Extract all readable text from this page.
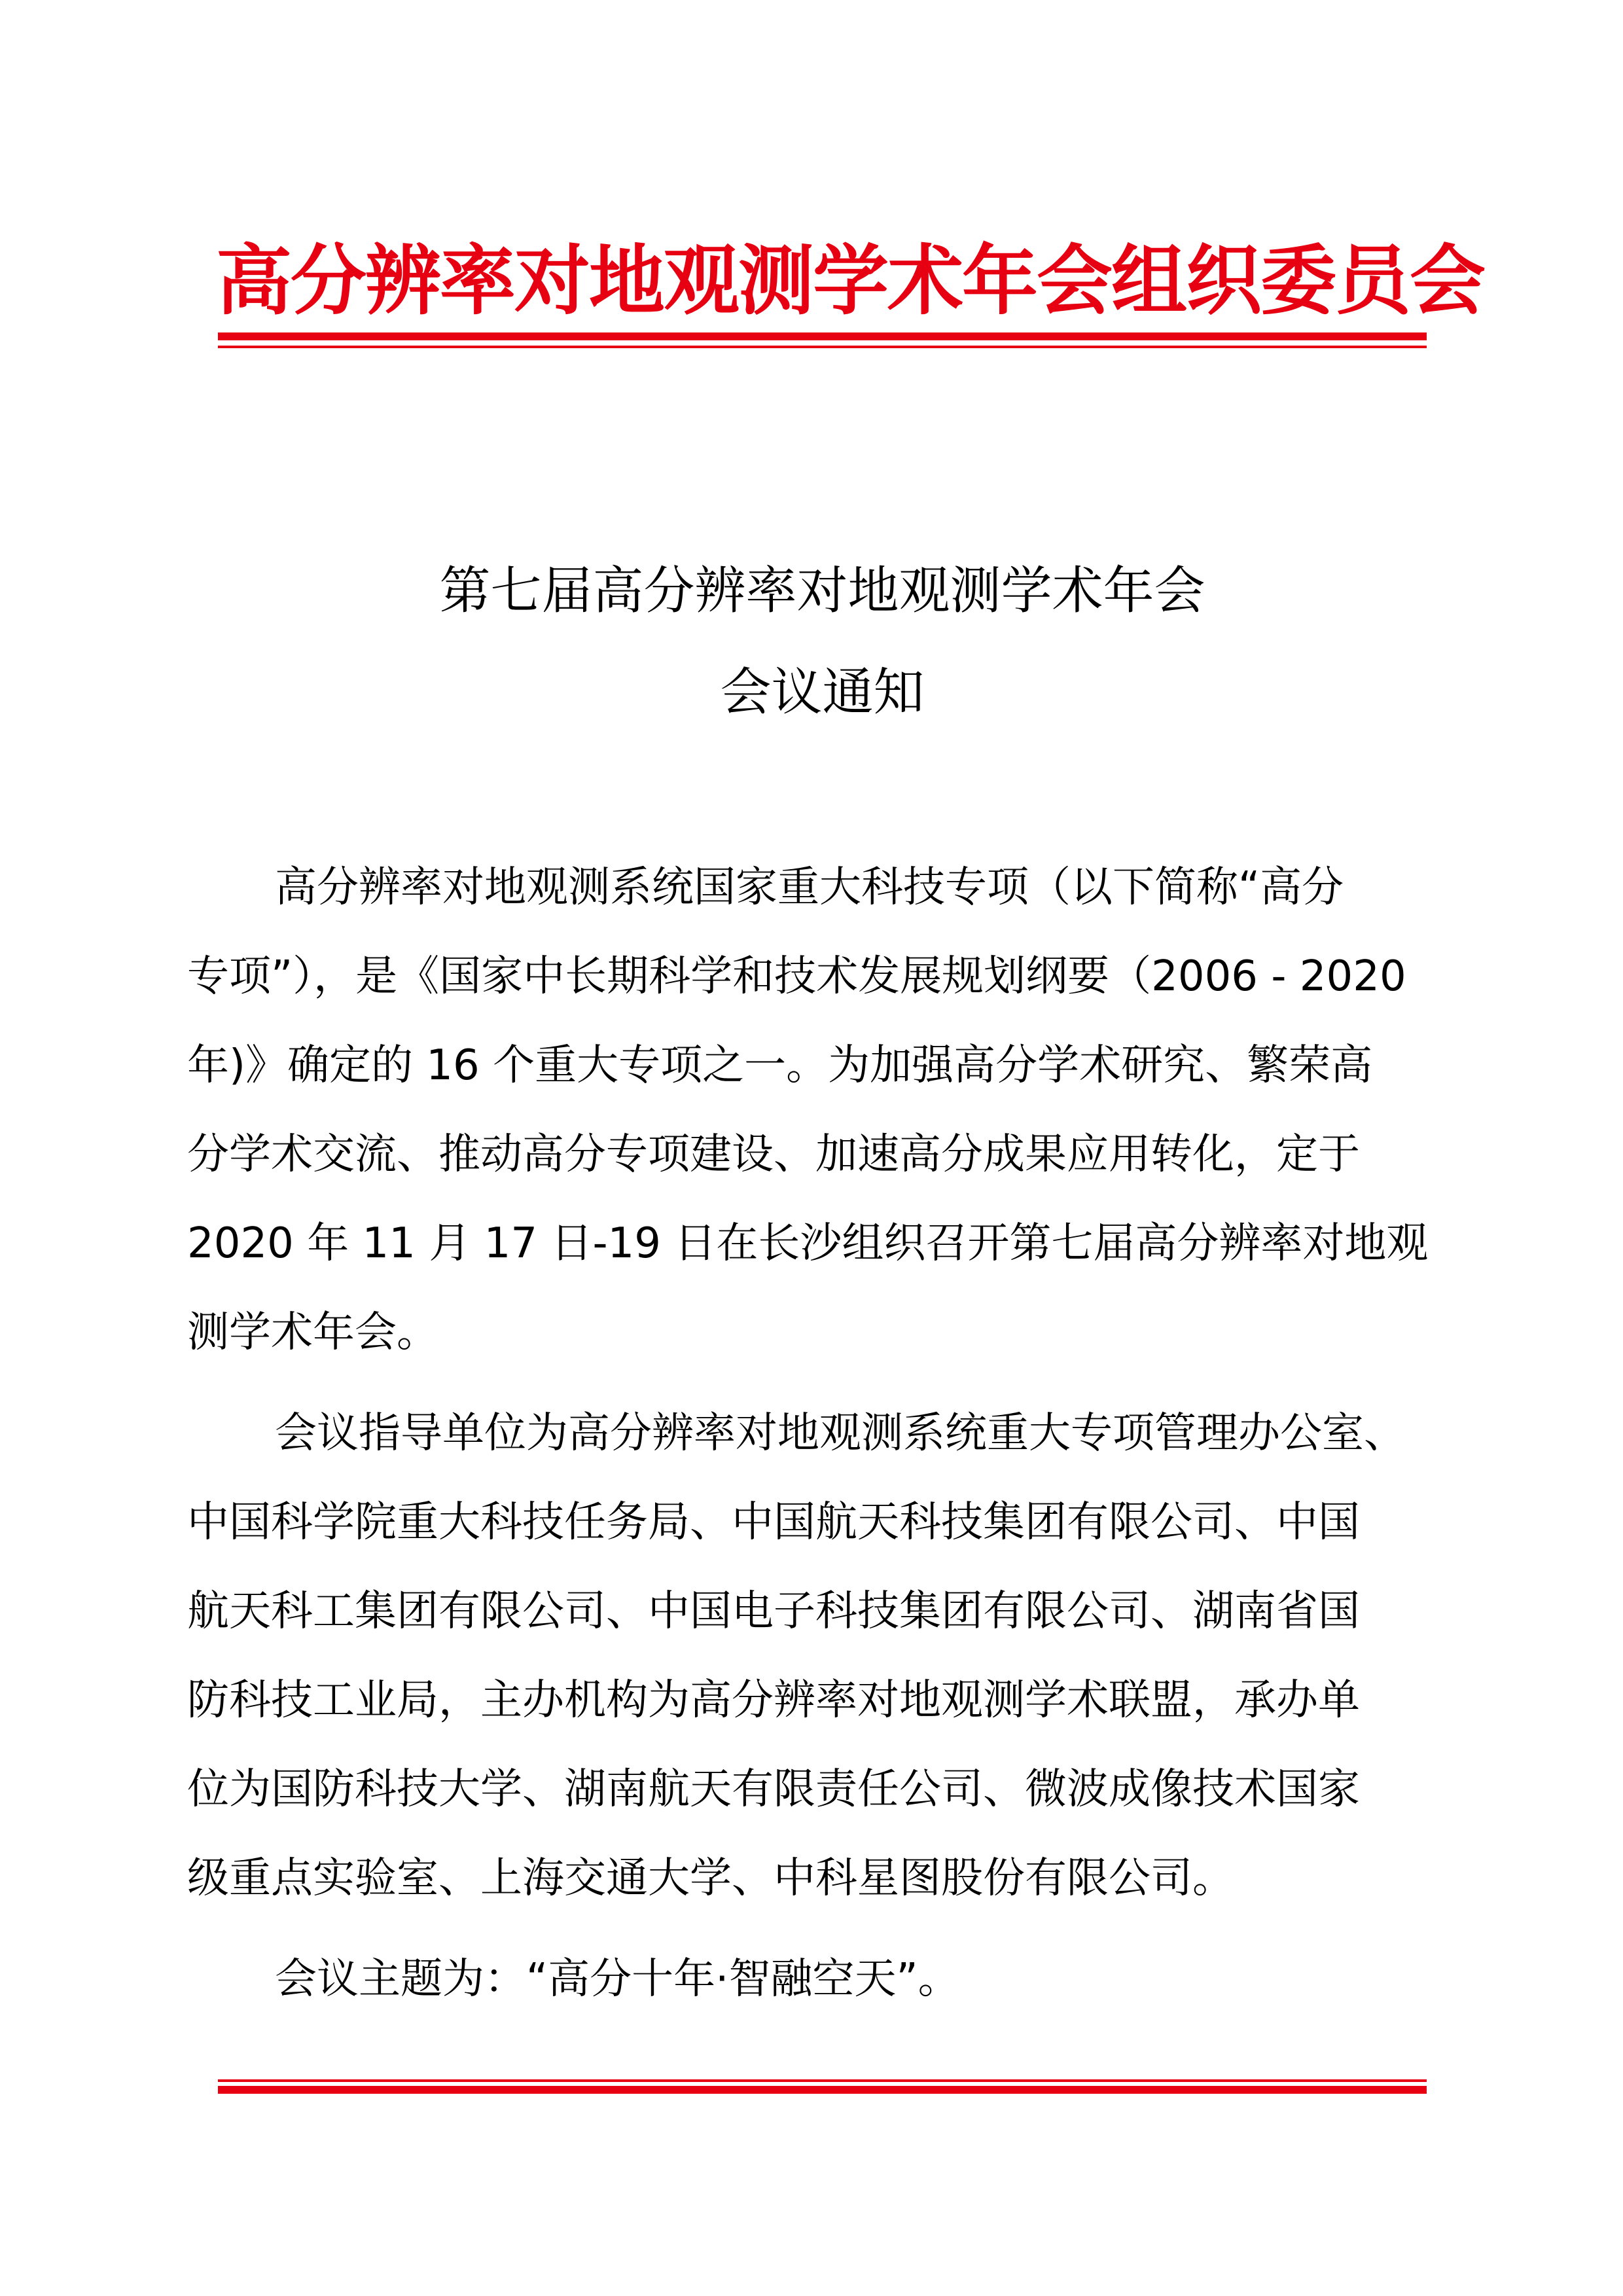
高分辨率对地观测学术年会组织委员会
第七届高分辨率对地观测学术年会
会议通知
高分辨率对地观测系统国家重大科技专项（以下简称“高分
专项”），是《国家中长期科学和技术发展规划纲要（2006 - 2020
年)》确定的 16 个重大专项之一。为加强高分学术研究、繁荣高
分学术交流、推动高分专项建设、加速高分成果应用转化，定于
2020 年 11 月 17 日-19 日在长沙组织召开第七届高分辨率对地观
测学术年会。
会议指导单位为高分辨率对地观测系统重大专项管理办公室、
中国科学院重大科技任务局、中国航天科技集团有限公司、中国
航天科工集团有限公司、中国电子科技集团有限公司、湖南省国
防科技工业局，主办机构为高分辨率对地观测学术联盟，承办单
位为国防科技大学、湖南航天有限责任公司、微波成像技术国家
级重点实验室、上海交通大学、中科星图股份有限公司。
会议主题为：“高分十年·智融空天”。
